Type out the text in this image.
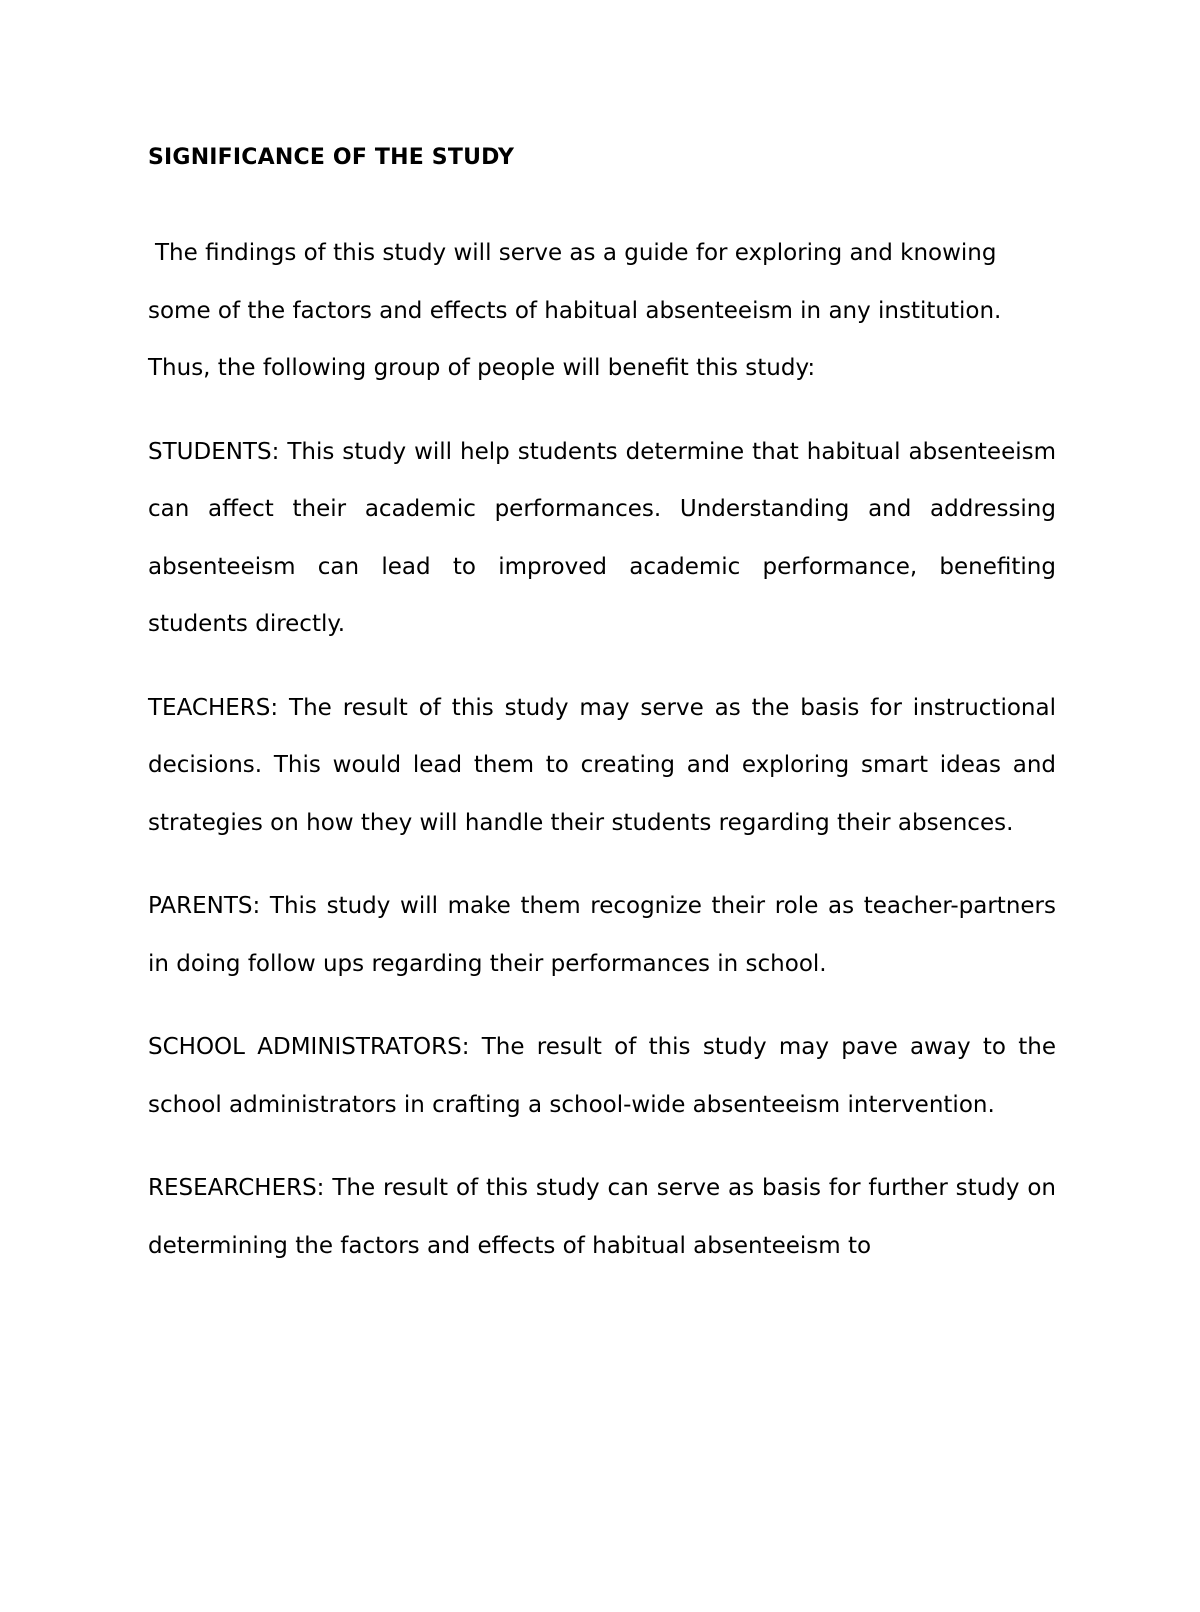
SIGNIFICANCE OF THE STUDY

The findings of this study will serve as a guide for exploring and knowing some of the factors and effects of habitual absenteeism in any institution. Thus, the following group of people will benefit this study:

STUDENTS: This study will help students determine that habitual absenteeism can affect their academic performances. Understanding and addressing absenteeism can lead to improved academic performance, benefiting students directly.

TEACHERS: The result of this study may serve as the basis for instructional decisions. This would lead them to creating and exploring smart ideas and strategies on how they will handle their students regarding their absences.

PARENTS: This study will make them recognize their role as teacher-partners in doing follow ups regarding their performances in school.

SCHOOL ADMINISTRATORS: The result of this study may pave away to the school administrators in crafting a school-wide absenteeism intervention.

RESEARCHERS: The result of this study can serve as basis for further study on determining the factors and effects of habitual absenteeism to
